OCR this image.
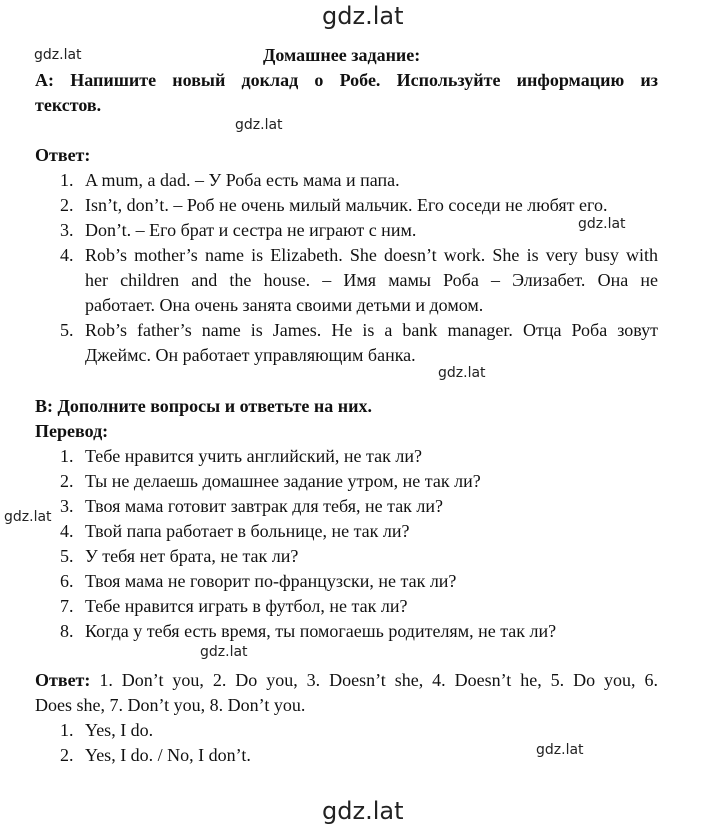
gdz.lat
gdz.lat
gdz.lat
gdz.lat
gdz.lat
gdz.lat
gdz.lat
gdz.lat
gdz.lat
Домашнее задание:
A: Напишите новый доклад о Робе. Используйте информацию из
текстов.
Ответ:
1. A mum, a dad. – У Роба есть мама и папа.
2. Isn’t, don’t. – Роб не очень милый мальчик. Его соседи не любят его.
3. Don’t. – Его брат и сестра не играют с ним.
4. Rob’s mother’s name is Elizabeth. She doesn’t work. She is very busy with
her children and the house. – Имя мамы Роба – Элизабет. Она не
работает. Она очень занята своими детьми и домом.
5. Rob’s father’s name is James. He is a bank manager. Отца Роба зовут
Джеймс. Он работает управляющим банка.
B: Дополните вопросы и ответьте на них.
Перевод:
1. Тебе нравится учить английский, не так ли?
2. Ты не делаешь домашнее задание утром, не так ли?
3. Твоя мама готовит завтрак для тебя, не так ли?
4. Твой папа работает в больнице, не так ли?
5. У тебя нет брата, не так ли?
6. Твоя мама не говорит по-французски, не так ли?
7. Тебе нравится играть в футбол, не так ли?
8. Когда у тебя есть время, ты помогаешь родителям, не так ли?
Ответ: 1. Don’t you, 2. Do you, 3. Doesn’t she, 4. Doesn’t he, 5. Do you, 6.
Does she, 7. Don’t you, 8. Don’t you.
1. Yes, I do.
2. Yes, I do. / No, I don’t.
